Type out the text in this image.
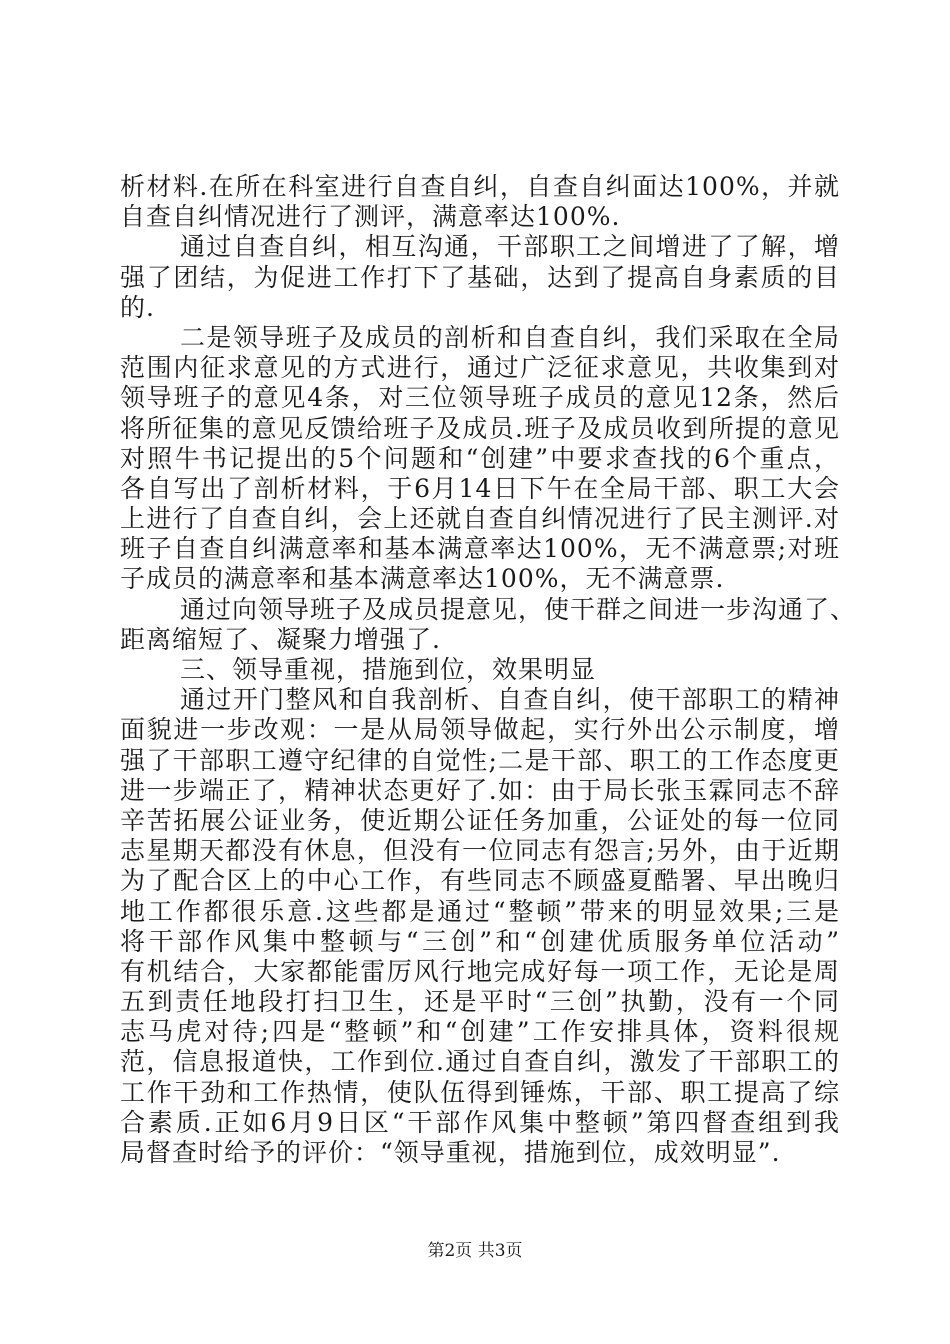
析材料.在所在科室进行自查自纠，自查自纠面达100%，并就
自查自纠情况进行了测评，满意率达100%.
通过自查自纠，相互沟通，干部职工之间增进了了解，增
强了团结，为促进工作打下了基础，达到了提高自身素质的目
的.
二是领导班子及成员的剖析和自查自纠，我们采取在全局
范围内征求意见的方式进行，通过广泛征求意见，共收集到对
领导班子的意见4条，对三位领导班子成员的意见12条，然后
将所征集的意见反馈给班子及成员.班子及成员收到所提的意见
对照牛书记提出的5个问题和“创建”中要求查找的6个重点，
各自写出了剖析材料，于6月14日下午在全局干部、职工大会
上进行了自查自纠，会上还就自查自纠情况进行了民主测评.对
班子自查自纠满意率和基本满意率达100%，无不满意票;对班
子成员的满意率和基本满意率达100%，无不满意票.
通过向领导班子及成员提意见，使干群之间进一步沟通了、
距离缩短了、凝聚力增强了.
三、领导重视，措施到位，效果明显
通过开门整风和自我剖析、自查自纠，使干部职工的精神
面貌进一步改观：一是从局领导做起，实行外出公示制度，增
强了干部职工遵守纪律的自觉性;二是干部、职工的工作态度更
进一步端正了，精神状态更好了.如：由于局长张玉霖同志不辞
辛苦拓展公证业务，使近期公证任务加重，公证处的每一位同
志星期天都没有休息，但没有一位同志有怨言;另外，由于近期
为了配合区上的中心工作，有些同志不顾盛夏酷署、早出晚归
地工作都很乐意.这些都是通过“整顿”带来的明显效果;三是
将干部作风集中整顿与“三创”和“创建优质服务单位活动”
有机结合，大家都能雷厉风行地完成好每一项工作，无论是周
五到责任地段打扫卫生，还是平时“三创”执勤，没有一个同
志马虎对待;四是“整顿”和“创建”工作安排具体，资料很规
范，信息报道快，工作到位.通过自查自纠，激发了干部职工的
工作干劲和工作热情，使队伍得到锤炼，干部、职工提高了综
合素质.正如6月9日区“干部作风集中整顿”第四督查组到我
局督查时给予的评价：“领导重视，措施到位，成效明显”.
第2页 共3页
